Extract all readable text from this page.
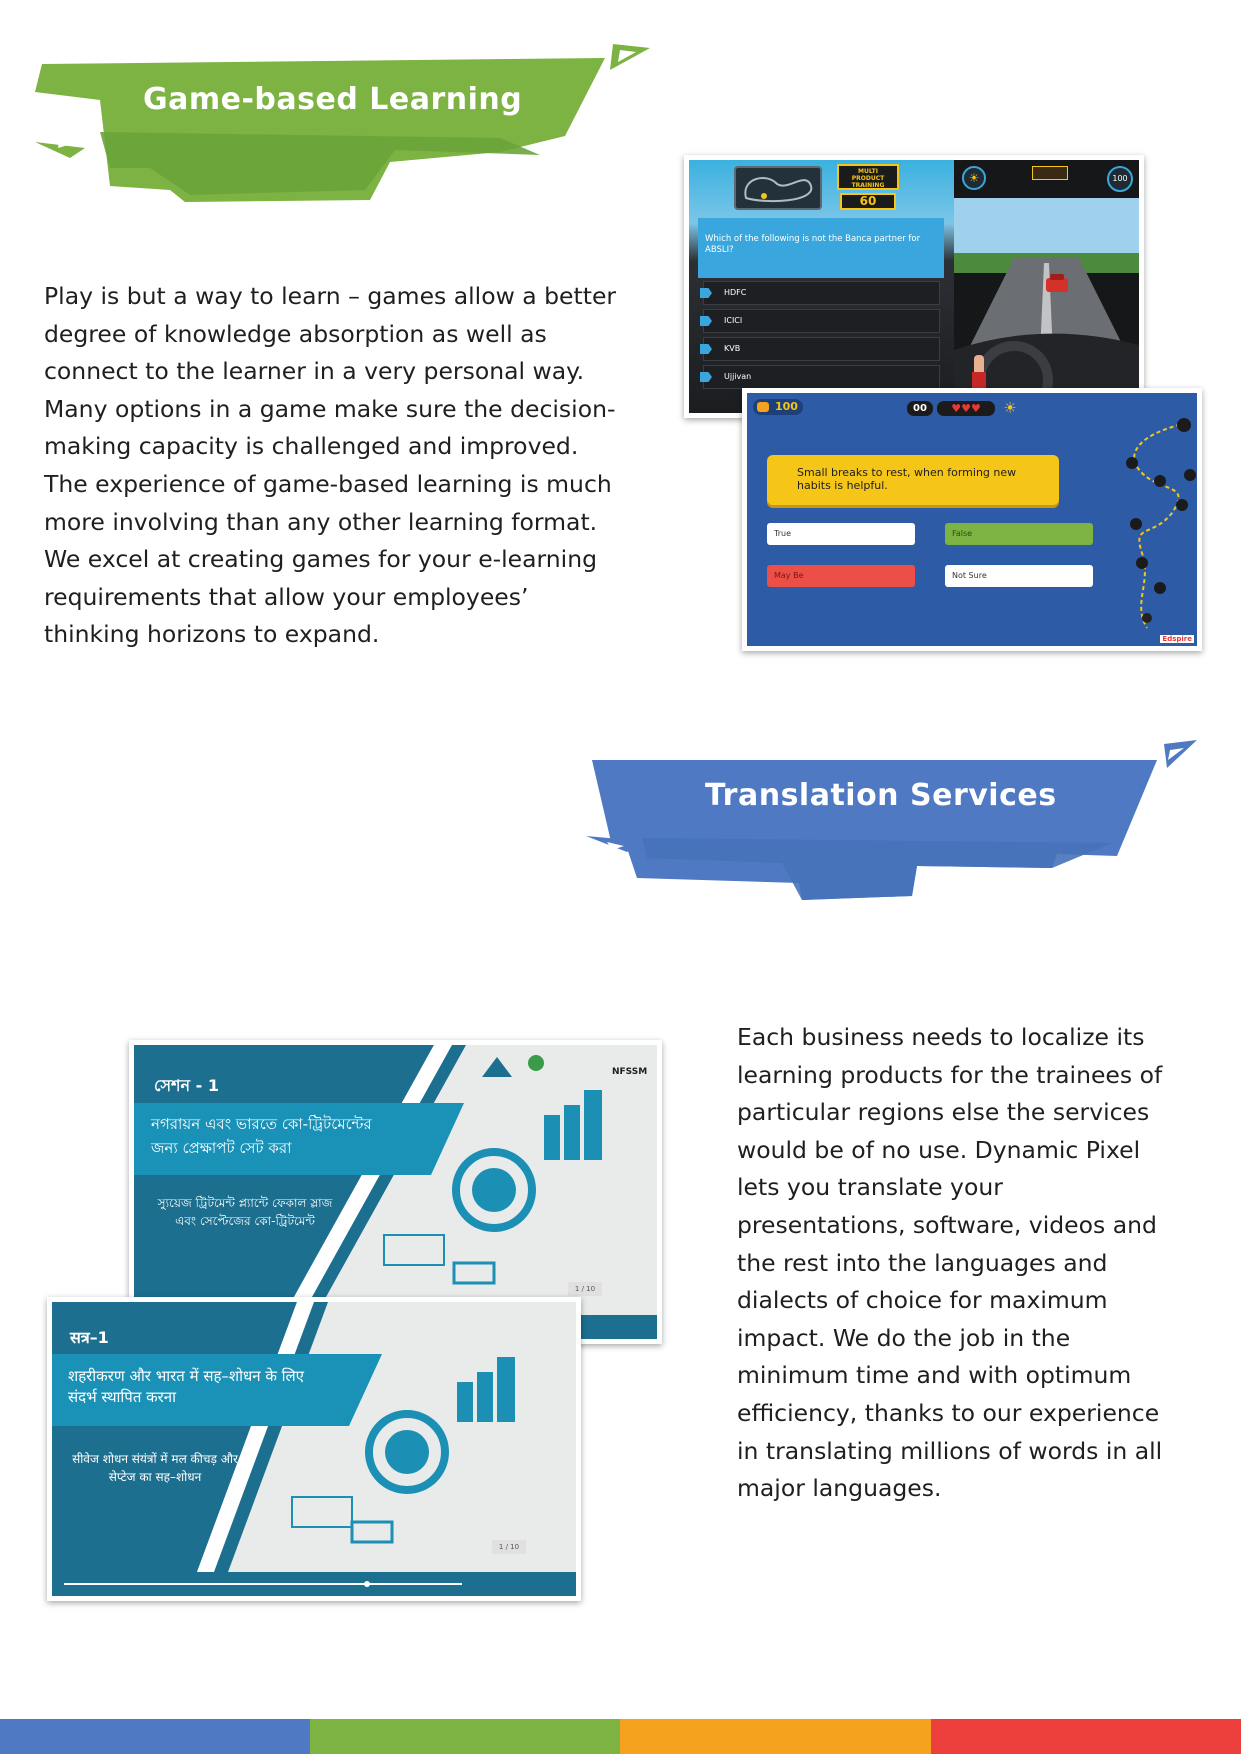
Game-based Learning
Play is but a way to learn – games allow a better degree of knowledge absorption as well as connect to the learner in a very personal way. Many options in a game make sure the decision-making capacity is challenged and improved. The experience of game-based learning is much more involving than any other learning format. We excel at creating games for your e-learning requirements that allow your employees’ thinking horizons to expand.
MULTI
PRODUCT
TRAINING
60
Which of the following is not the Banca partner for ABSLI?
HDFC
ICICI
KVB
Ujjivan
☀	100
100	00	♥♥♥	☀
Small breaks to rest, when forming new habits is helpful.
True	False
May Be	Not Sure
Edspire
Translation Services
Each business needs to localize its learning products for the trainees of particular regions else the services would be of no use. Dynamic Pixel lets you translate your presentations, software, videos and the rest into the languages and dialects of choice for maximum impact. We do the job in the minimum time and with optimum efficiency, thanks to our experience in translating millions of words in all major languages.
সেশন - 1
নগরায়ন এবং ভারতে কো-ট্রিটমেন্টের জন্য প্রেক্ষাপট সেট করা
স্যুয়েজ ট্রিটমেন্ট প্ল্যান্টে ফেকাল স্লাজ এবং সেপ্টেজের কো-ট্রিটমেন্ট
NFSSM
1 / 10
सत्र–1
शहरीकरण और भारत में सह–शोधन के लिए संदर्भ स्थापित करना
सीवेज शोधन संयंत्रों में मल कीचड़ और सेप्टेज का सह–शोधन
1 / 10
